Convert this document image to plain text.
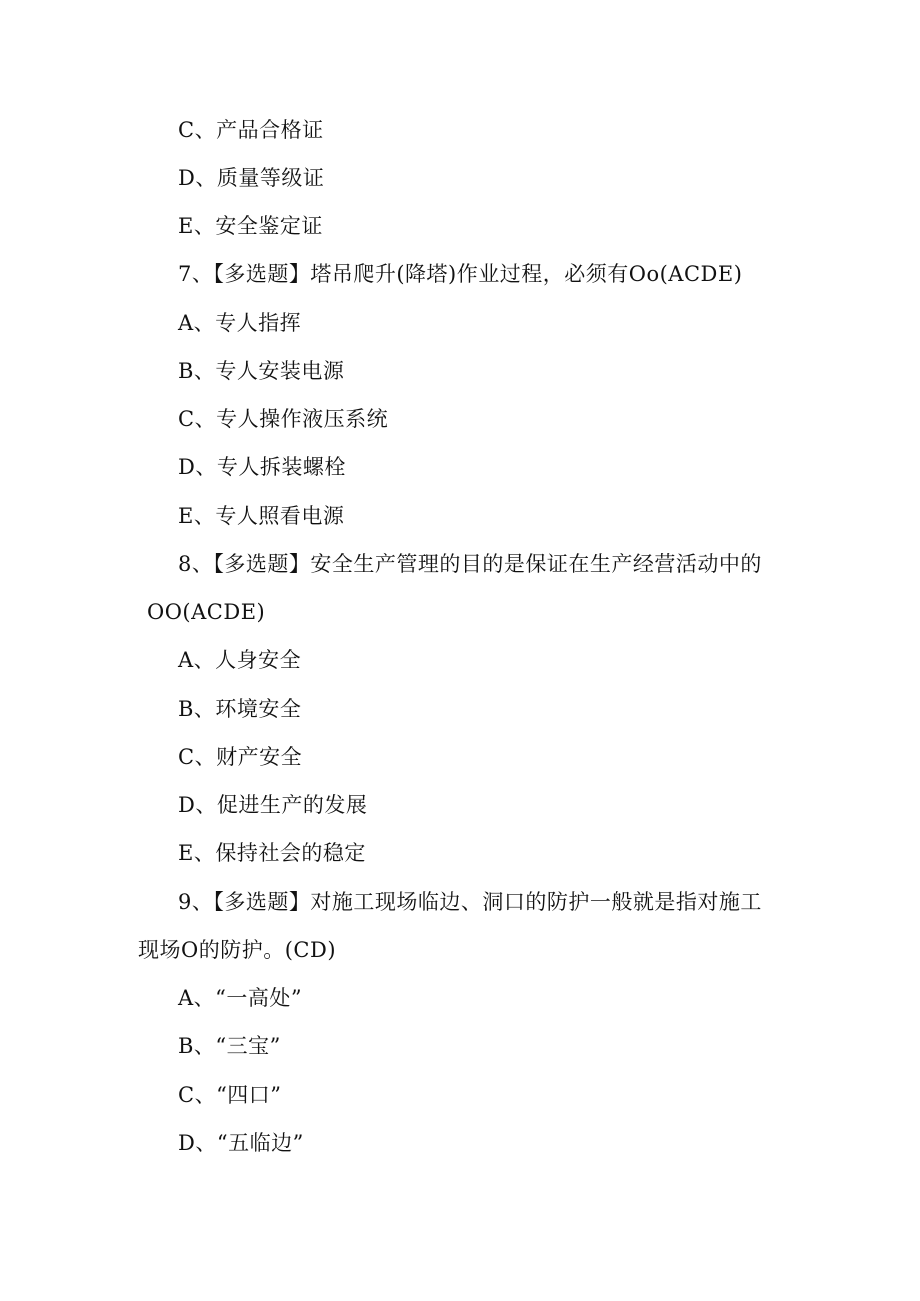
C、产品合格证
D、质量等级证
E、安全鉴定证
7、【多选题】塔吊爬升(降塔)作业过程，必须有Oo(ACDE)
A、专人指挥
B、专人安装电源
C、专人操作液压系统
D、专人拆装螺栓
E、专人照看电源
8、【多选题】安全生产管理的目的是保证在生产经营活动中的
OO(ACDE)
A、人身安全
B、环境安全
C、财产安全
D、促进生产的发展
E、保持社会的稳定
9、【多选题】对施工现场临边、洞口的防护一般就是指对施工
现场O的防护。(CD)
A、“一高处”
B、“三宝”
C、“四口”
D、“五临边”
